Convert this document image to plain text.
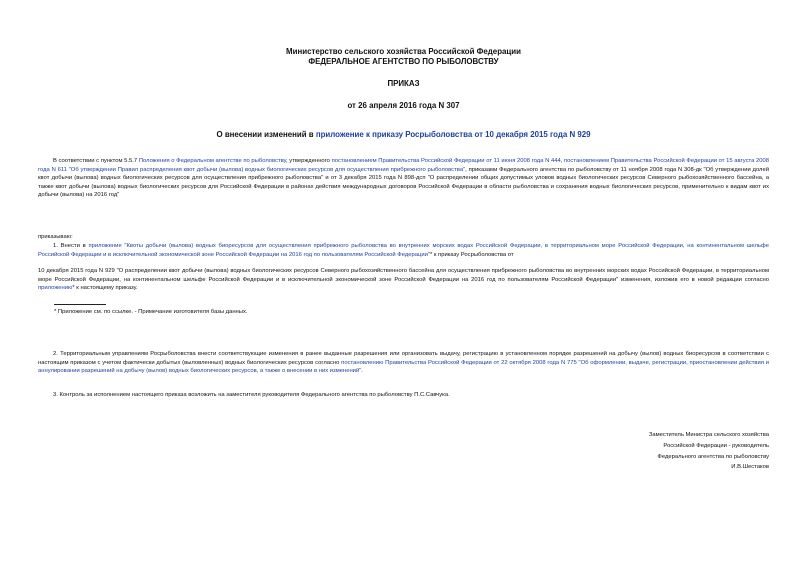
Министерство сельского хозяйства Российской Федерации
ФЕДЕРАЛЬНОЕ АГЕНТСТВО ПО РЫБОЛОВСТВУ
ПРИКАЗ
от 26 апреля 2016 года N 307
О внесении изменений в приложение к приказу Росрыболовства от 10 декабря 2015 года N 929

В соответствии с пунктом 5.5.7 Положения о Федеральном агентстве по рыболовству, утвержденного постановлением Правительства Российской Федерации от 11 июня 2008 года N 444, постановлением Правительства Российской Федерации от 15 августа 2008 года N 611 "Об утверждении Правил распределения квот добычи (вылова) водных биологических ресурсов для осуществления прибрежного рыболовства", приказами Федерального агентства по рыболовству от 11 ноября 2008 года N 308-дк "Об утверждении долей квот добычи (вылова) водных биологических ресурсов для осуществления прибрежного рыболовства" и от 3 декабря 2015 года N 898-дсп "О распределении общих допустимых уловов водных биологических ресурсов Северного рыбохозяйственного бассейна, а также квот добычи (вылова) водных биологических ресурсов для Российской Федерации в районах действия международных договоров Российской Федерации в области рыболовства и сохранения водных биологических ресурсов, применительно к видам квот их добычи (вылова) на 2016 год"

приказываю:

1. Внести в приложение "Квоты добычи (вылова) водных биоресурсов для осуществления прибрежного рыболовства во внутренних морских водах Российской Федерации, в территориальном море Российской Федерации, на континентальном шельфе Российской Федерации и в исключительной экономической зоне Российской Федерации на 2016 год по пользователям Российской Федерации"* к приказу Росрыболовства от

10 декабря 2015 года N 929 "О распределении квот добычи (вылова) водных биологических ресурсов Северного рыбохозяйственного бассейна для осуществления прибрежного рыболовства во внутренних морских водах Российской Федерации, в территориальном море Российской Федерации, на континентальном шельфе Российской Федерации и в исключительной экономической зоне Российской Федерации на 2016 год по пользователям Российской Федерации" изменения, изложив его в новой редакции согласно приложению* к настоящему приказу.

* Приложение см. по ссылке. - Примечание изготовителя базы данных.

2. Территориальным управлениям Росрыболовства внести соответствующие изменения в ранее выданные разрешения или организовать выдачу, регистрацию в установленном порядке разрешений на добычу (вылов) водных биоресурсов в соответствии с настоящим приказом с учетом фактически добытых (выловленных) водных биологических ресурсов согласно постановлению Правительства Российской Федерации от 22 октября 2008 года N 775 "Об оформлении, выдаче, регистрации, приостановлении действия и аннулировании разрешений на добычу (вылов) водных биологических ресурсов, а также о внесении в них изменений".

3. Контроль за исполнением настоящего приказа возложить на заместителя руководителя Федерального агентства по рыболовству П.С.Савчука.

Заместитель Министра сельского хозяйства
Российской Федерации - руководитель
Федерального агентства по рыболовству
И.В.Шестаков
